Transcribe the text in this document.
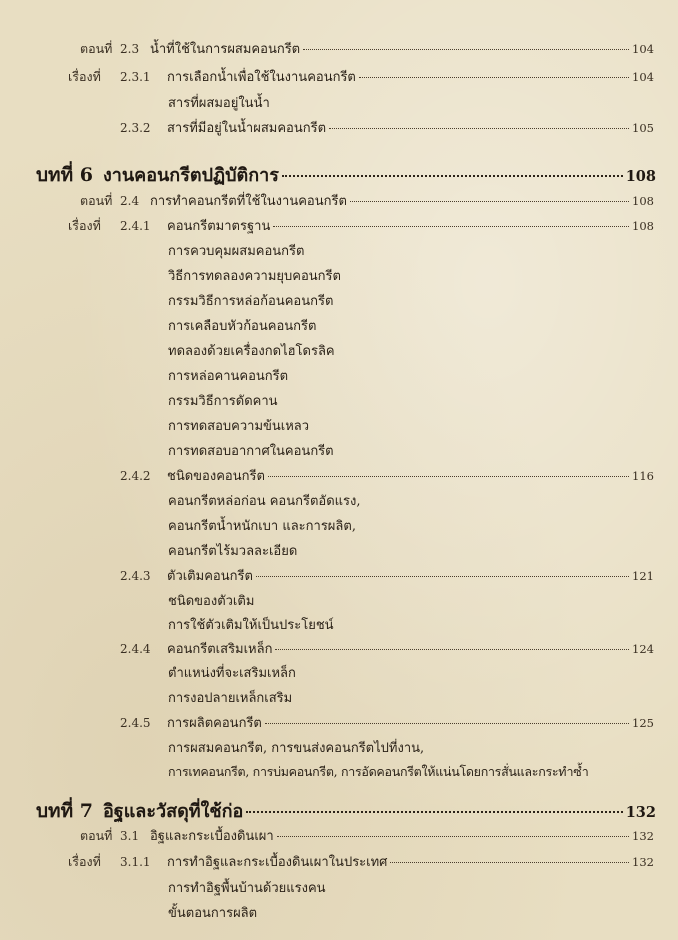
ตอนที่ 2.3 น้ำที่ใช้ในการผสมคอนกรีต	104
เรื่องที่	2.3.1	การเลือกน้ำเพื่อใช้ในงานคอนกรีต	104
สารที่ผสมอยู่ในน้ำ
2.3.2	สารที่มีอยู่ในน้ำผสมคอนกรีต	105
บทที่ 6 งานคอนกรีตปฏิบัติการ	108
ตอนที่ 2.4 การทำคอนกรีตที่ใช้ในงานคอนกรีต	108
เรื่องที่	2.4.1	คอนกรีตมาตรฐาน	108
การควบคุมผสมคอนกรีต
วิธีการทดลองความยุบคอนกรีต
กรรมวิธีการหล่อก้อนคอนกรีต
การเคลือบหัวก้อนคอนกรีต
ทดลองด้วยเครื่องกดไฮโดรลิค
การหล่อคานคอนกรีต
กรรมวิธีการดัดคาน
การทดสอบความข้นเหลว
การทดสอบอากาศในคอนกรีต
2.4.2	ชนิดของคอนกรีต	116
คอนกรีตหล่อก่อน คอนกรีตอัดแรง,
คอนกรีตน้ำหนักเบา และการผลิต,
คอนกรีตไร้มวลละเอียด
2.4.3	ตัวเติมคอนกรีต	121
ชนิดของตัวเติม
การใช้ตัวเติมให้เป็นประโยชน์
2.4.4	คอนกรีตเสริมเหล็ก	124
ตำแหน่งที่จะเสริมเหล็ก
การงอปลายเหล็กเสริม
2.4.5	การผลิตคอนกรีต	125
การผสมคอนกรีต, การขนส่งคอนกรีตไปที่งาน,
การเทคอนกรีต, การบ่มคอนกรีต, การอัดคอนกรีตให้แน่นโดยการสั่นและกระทำซ้ำ
บทที่ 7 อิฐและวัสดุที่ใช้ก่อ	132
ตอนที่ 3.1 อิฐและกระเบื้องดินเผา	132
เรื่องที่	3.1.1	การทำอิฐและกระเบื้องดินเผาในประเทศ	132
การทำอิฐพื้นบ้านด้วยแรงคน
ขั้นตอนการผลิต
